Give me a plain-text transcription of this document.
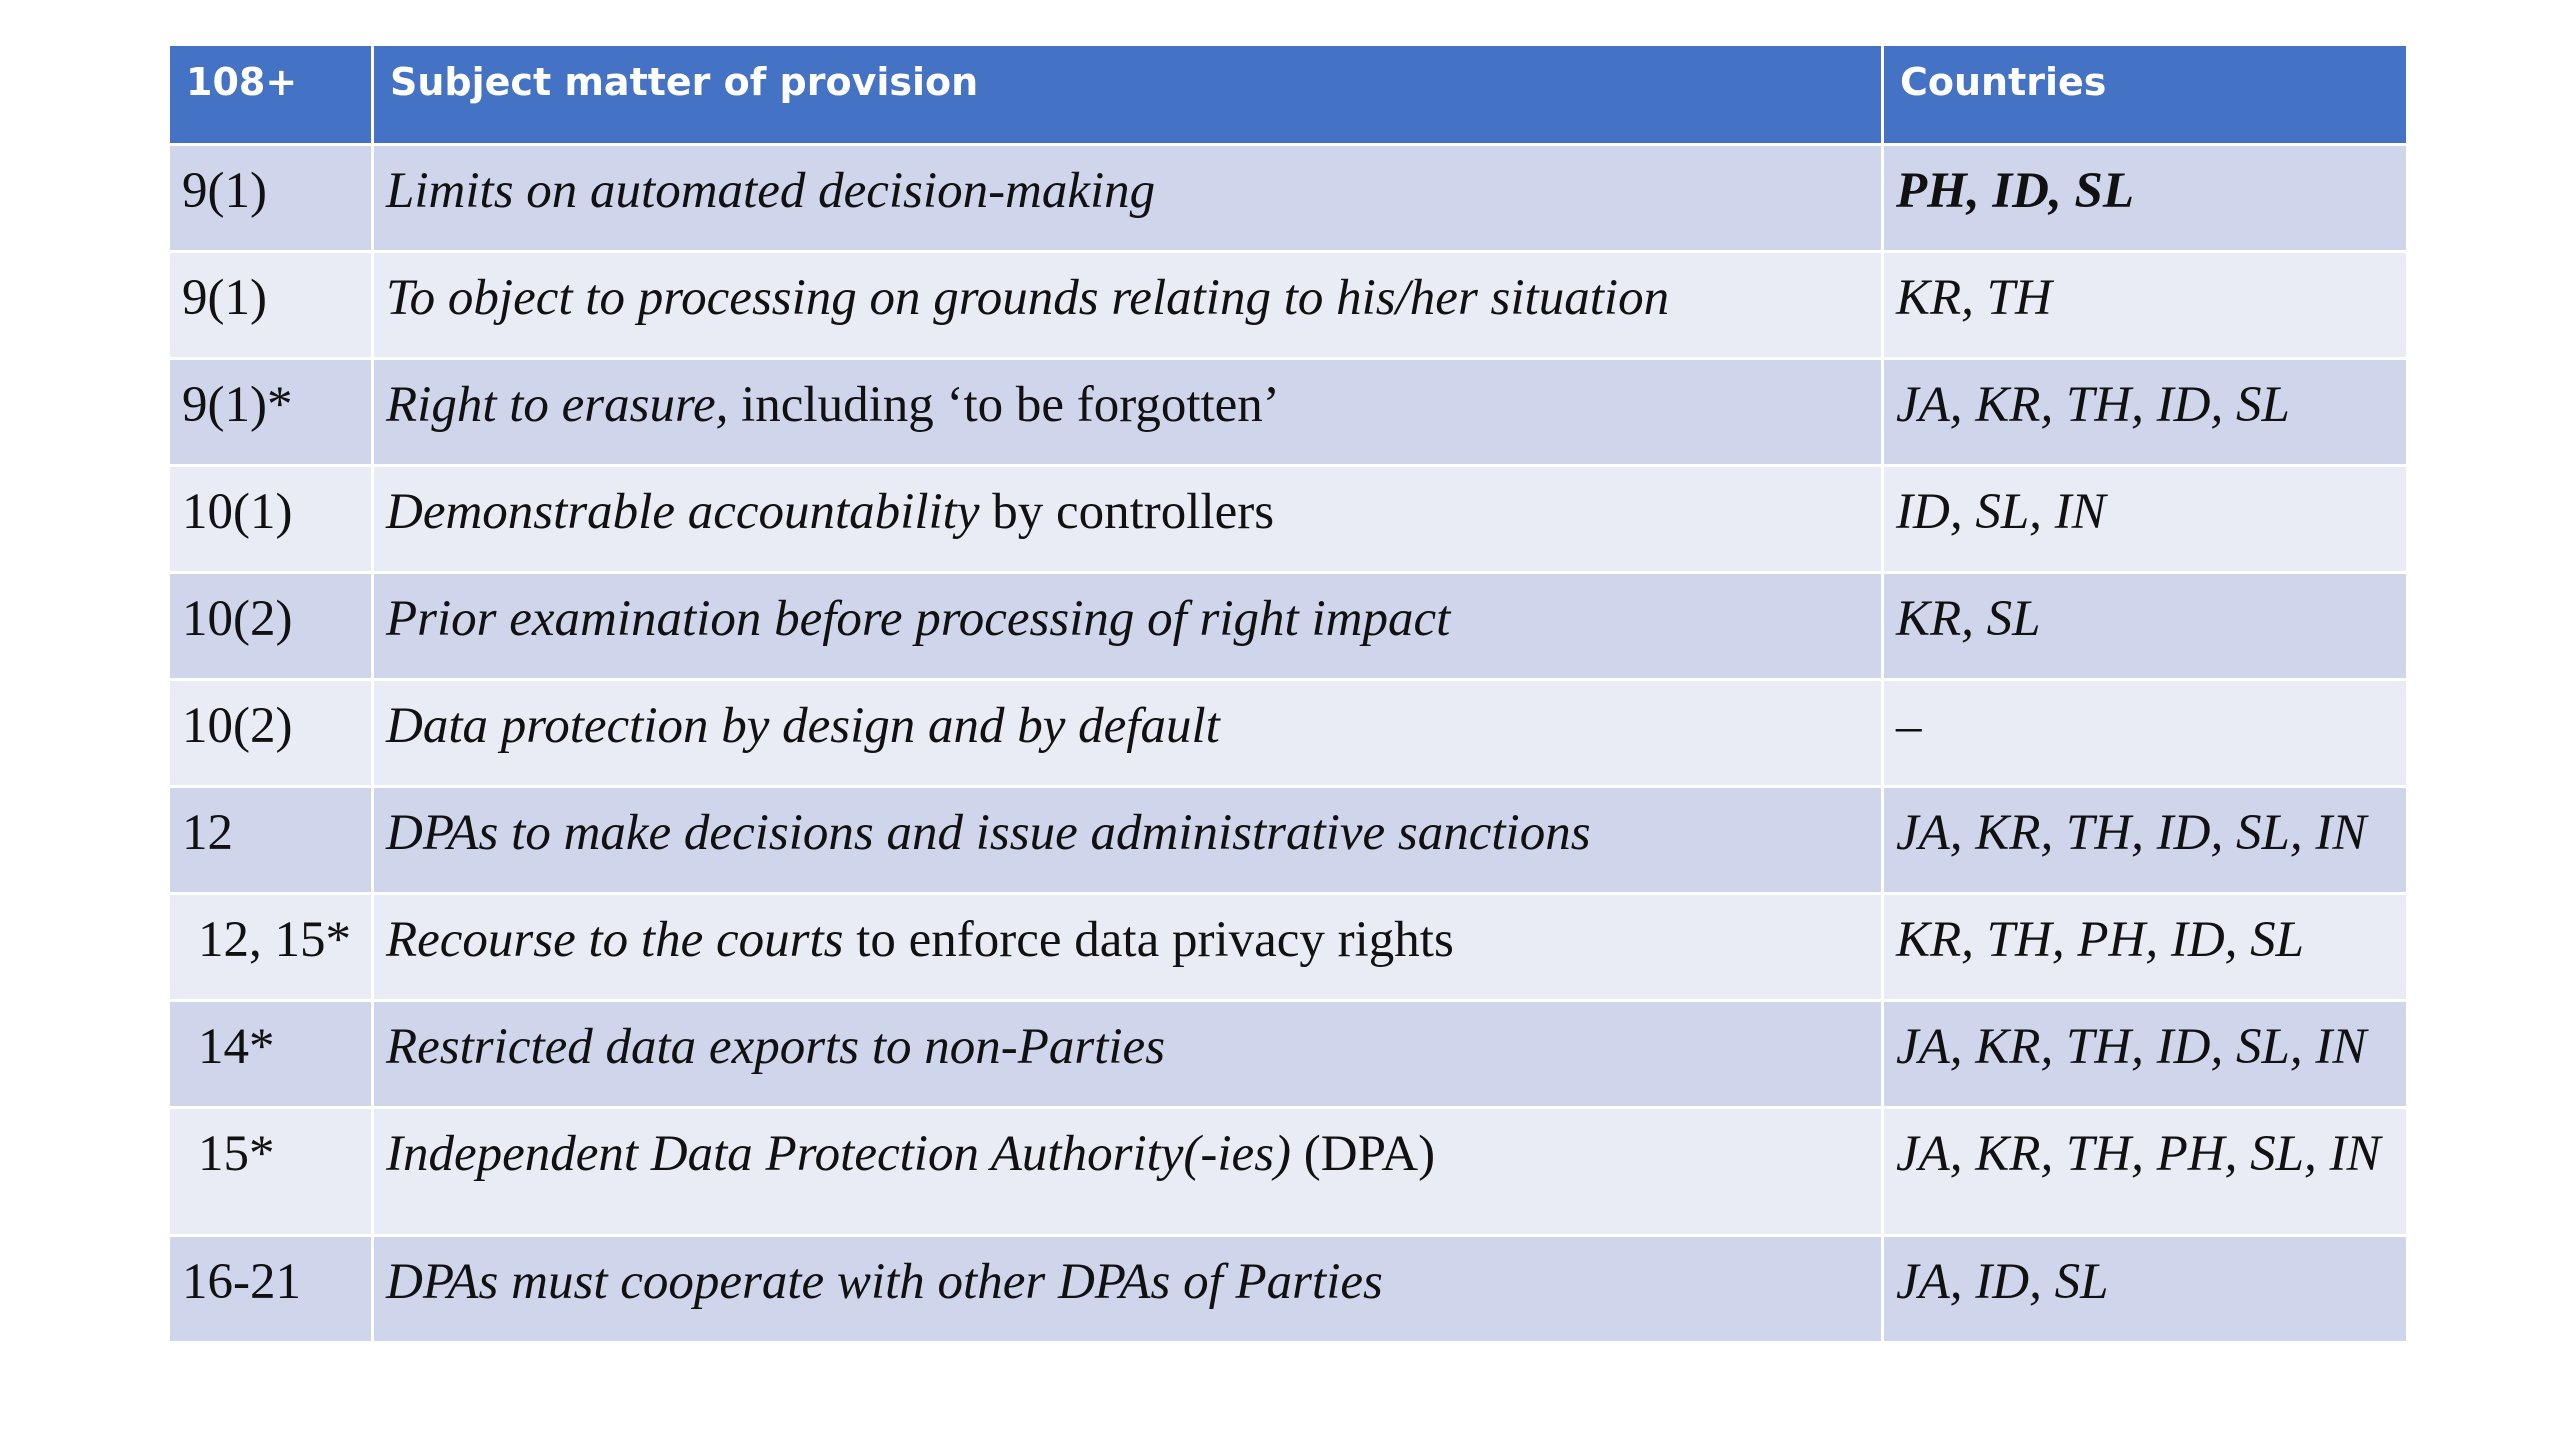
108+	Subject matter of provision	Countries
9(1)	Limits on automated decision-making	PH, ID, SL
9(1)	To object to processing on grounds relating to his/her situation	KR, TH
9(1)*	Right to erasure, including ‘to be forgotten’	JA, KR, TH, ID, SL
10(1)	Demonstrable accountability by controllers	ID, SL, IN
10(2)	Prior examination before processing of right impact	KR, SL
10(2)	Data protection by design and by default	–
12	DPAs to make decisions and issue administrative sanctions	JA, KR, TH, ID, SL, IN
12, 15*	Recourse to the courts to enforce data privacy rights	KR, TH, PH, ID, SL
14*	Restricted data exports to non-Parties	JA, KR, TH, ID, SL, IN
15*	Independent Data Protection Authority(-ies) (DPA)	JA, KR, TH, PH, SL, IN
16-21	DPAs must cooperate with other DPAs of Parties	JA, ID, SL
